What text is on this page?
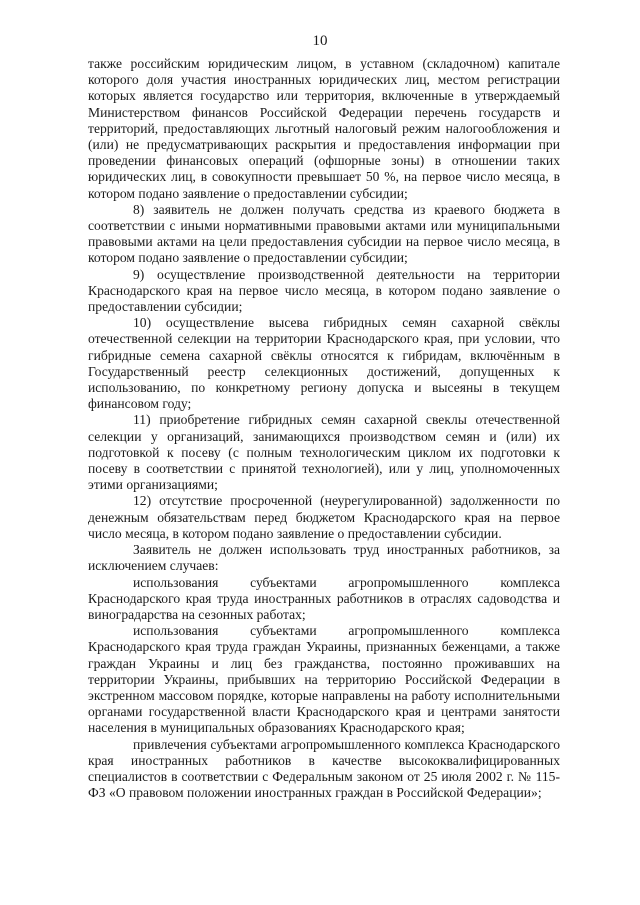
10

также российским юридическим лицом, в уставном (складочном) капитале которого доля участия иностранных юридических лиц, местом регистрации которых является государство или территория, включенные в утверждаемый Министерством финансов Российской Федерации перечень государств и территорий, предоставляющих льготный налоговый режим налогообложения и (или) не предусматривающих раскрытия и предоставления информации при проведении финансовых операций (офшорные зоны) в отношении таких юридических лиц, в совокупности превышает 50 %, на первое число месяца, в котором подано заявление о предоставлении субсидии;

8) заявитель не должен получать средства из краевого бюджета в соответствии с иными нормативными правовыми актами или муниципальными правовыми актами на цели предоставления субсидии на первое число месяца, в котором подано заявление о предоставлении субсидии;

9) осуществление производственной деятельности на территории Краснодарского края на первое число месяца, в котором подано заявление о предоставлении субсидии;

10) осуществление высева гибридных семян сахарной свёклы отечественной селекции на территории Краснодарского края, при условии, что гибридные семена сахарной свёклы относятся к гибридам, включённым в Государственный реестр селекционных достижений, допущенных к использованию, по конкретному региону допуска и высеяны в текущем финансовом году;

11) приобретение гибридных семян сахарной свеклы отечественной селекции у организаций, занимающихся производством семян и (или) их подготовкой к посеву (с полным технологическим циклом их подготовки к посеву в соответствии с принятой технологией), или у лиц, уполномоченных этими организациями;

12) отсутствие просроченной (неурегулированной) задолженности по денежным обязательствам перед бюджетом Краснодарского края на первое число месяца, в котором подано заявление о предоставлении субсидии.

Заявитель не должен использовать труд иностранных работников, за исключением случаев:

использования субъектами агропромышленного комплекса Краснодарского края труда иностранных работников в отраслях садоводства и виноградарства на сезонных работах;

использования субъектами агропромышленного комплекса Краснодарского края труда граждан Украины, признанных беженцами, а также граждан Украины и лиц без гражданства, постоянно проживавших на территории Украины, прибывших на территорию Российской Федерации в экстренном массовом порядке, которые направлены на работу исполнительными органами государственной власти Краснодарского края и центрами занятости населения в муниципальных образованиях Краснодарского края;

привлечения субъектами агропромышленного комплекса Краснодарского края иностранных работников в качестве высококвалифицированных специалистов в соответствии с Федеральным законом от 25 июля 2002 г. № 115-ФЗ «О правовом положении иностранных граждан в Российской Федерации»;
